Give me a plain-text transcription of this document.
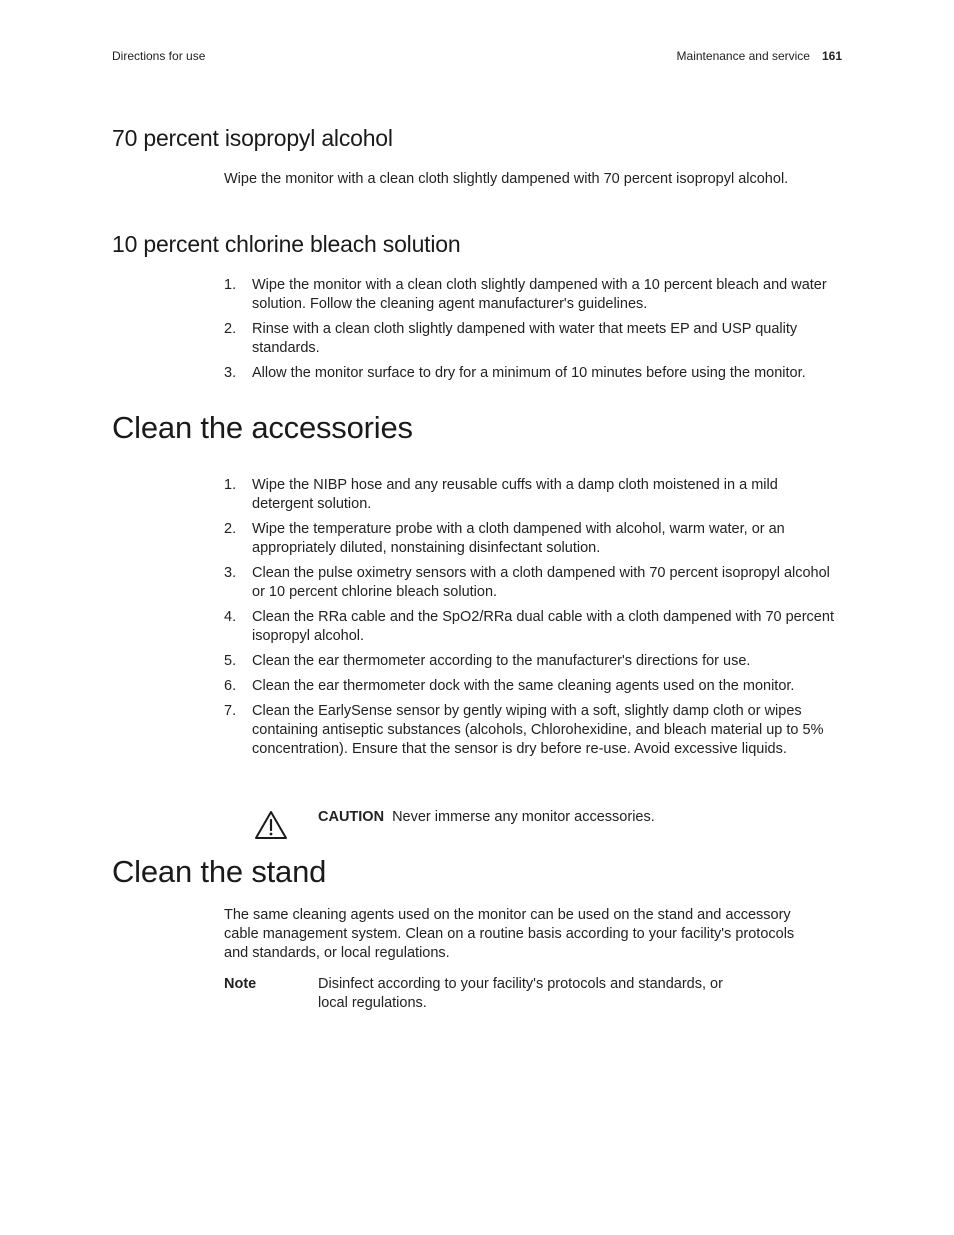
Directions for use	Maintenance and service 161
70 percent isopropyl alcohol

Wipe the monitor with a clean cloth slightly dampened with 70 percent isopropyl alcohol.

10 percent chlorine bleach solution
1. Wipe the monitor with a clean cloth slightly dampened with a 10 percent bleach and water solution. Follow the cleaning agent manufacturer's guidelines.
2. Rinse with a clean cloth slightly dampened with water that meets EP and USP quality standards.
3. Allow the monitor surface to dry for a minimum of 10 minutes before using the monitor.
Clean the accessories
1. Wipe the NIBP hose and any reusable cuffs with a damp cloth moistened in a mild detergent solution.
2. Wipe the temperature probe with a cloth dampened with alcohol, warm water, or an appropriately diluted, nonstaining disinfectant solution.
3. Clean the pulse oximetry sensors with a cloth dampened with 70 percent isopropyl alcohol or 10 percent chlorine bleach solution.
4. Clean the RRa cable and the SpO2/RRa dual cable with a cloth dampened with 70 percent isopropyl alcohol.
5. Clean the ear thermometer according to the manufacturer's directions for use.
6. Clean the ear thermometer dock with the same cleaning agents used on the monitor.
7. Clean the EarlySense sensor by gently wiping with a soft, slightly damp cloth or wipes containing antiseptic substances (alcohols, Chlorohexidine, and bleach material up to 5% concentration). Ensure that the sensor is dry before re-use. Avoid excessive liquids.
CAUTION Never immerse any monitor accessories.
Clean the stand

The same cleaning agents used on the monitor can be used on the stand and accessory cable management system. Clean on a routine basis according to your facility's protocols and standards, or local regulations.

Note	Disinfect according to your facility's protocols and standards, or local regulations.
